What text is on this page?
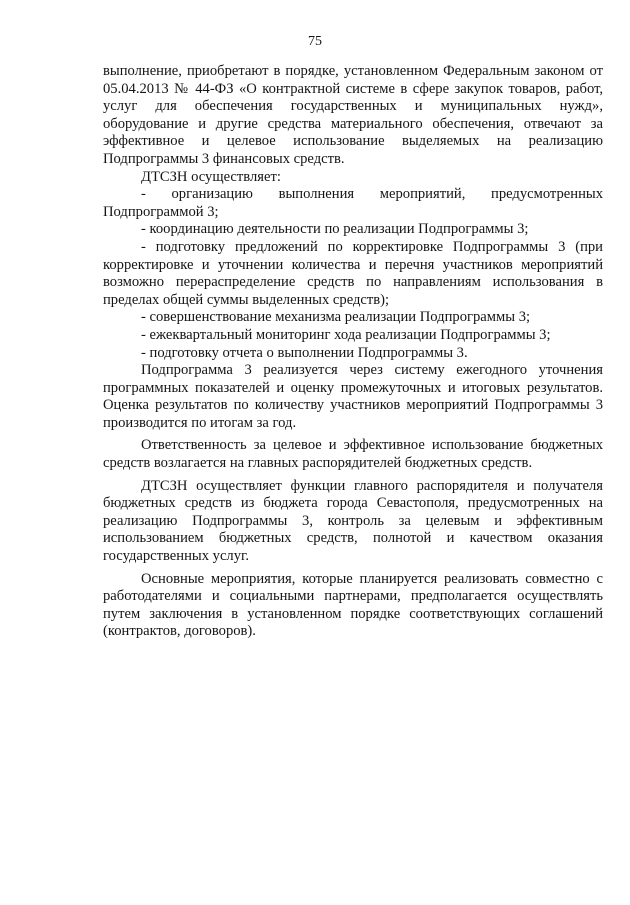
75

выполнение, приобретают в порядке, установленном Федеральным законом от 05.04.2013 № 44-ФЗ «О контрактной системе в сфере закупок товаров, работ, услуг для обеспечения государственных и муниципальных нужд», оборудование и другие средства материального обеспечения, отвечают за эффективное и целевое использование выделяемых на реализацию Подпрограммы 3 финансовых средств.

ДТСЗН осуществляет:

- организацию выполнения мероприятий, предусмотренных Подпрограммой 3;

- координацию деятельности по реализации Подпрограммы 3;

- подготовку предложений по корректировке Подпрограммы 3 (при корректировке и уточнении количества и перечня участников мероприятий возможно перераспределение средств по направлениям использования в пределах общей суммы выделенных средств);

- совершенствование механизма реализации Подпрограммы 3;

- ежеквартальный мониторинг хода реализации Подпрограммы 3;

- подготовку отчета о выполнении Подпрограммы 3.

Подпрограмма 3 реализуется через систему ежегодного уточнения программных показателей и оценку промежуточных и итоговых результатов. Оценка результатов по количеству участников мероприятий Подпрограммы 3 производится по итогам за год.

Ответственность за целевое и эффективное использование бюджетных средств возлагается на главных распорядителей бюджетных средств.

ДТСЗН осуществляет функции главного распорядителя и получателя бюджетных средств из бюджета города Севастополя, предусмотренных на реализацию Подпрограммы 3, контроль за целевым и эффективным использованием бюджетных средств, полнотой и качеством оказания государственных услуг.

Основные мероприятия, которые планируется реализовать совместно с работодателями и социальными партнерами, предполагается осуществлять путем заключения в установленном порядке соответствующих соглашений (контрактов, договоров).
